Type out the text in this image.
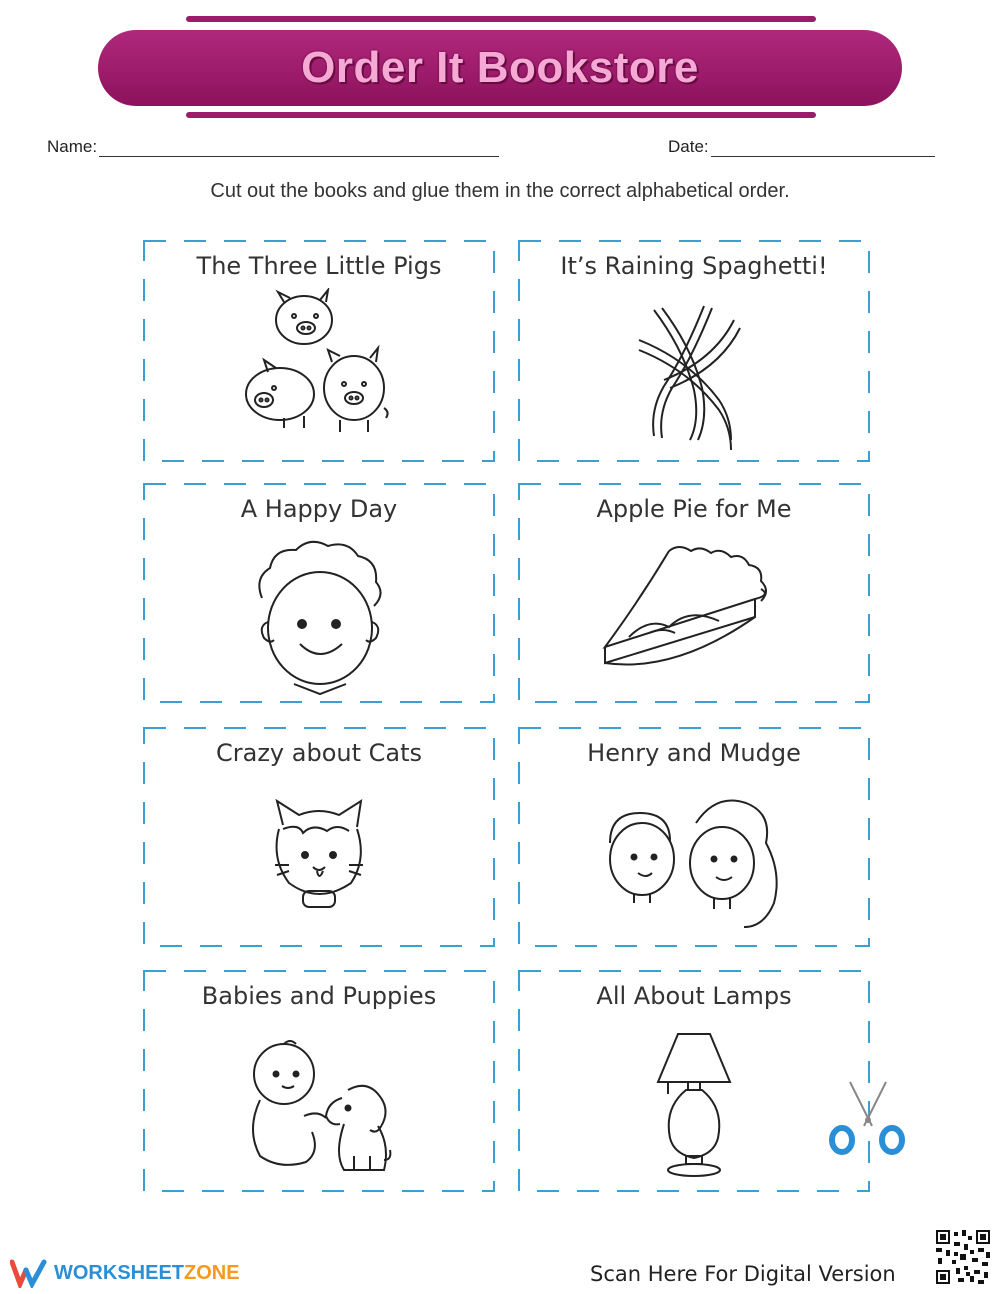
Order It Bookstore
Name:	Date:
Cut out the books and glue them in the correct alphabetical order.
The Three Little Pigs	It’s Raining Spaghetti!
A Happy Day	Apple Pie for Me
Crazy about Cats	Henry and Mudge
Babies and Puppies	All About Lamps
WORKSHEETZONE	Scan Here For Digital Version
